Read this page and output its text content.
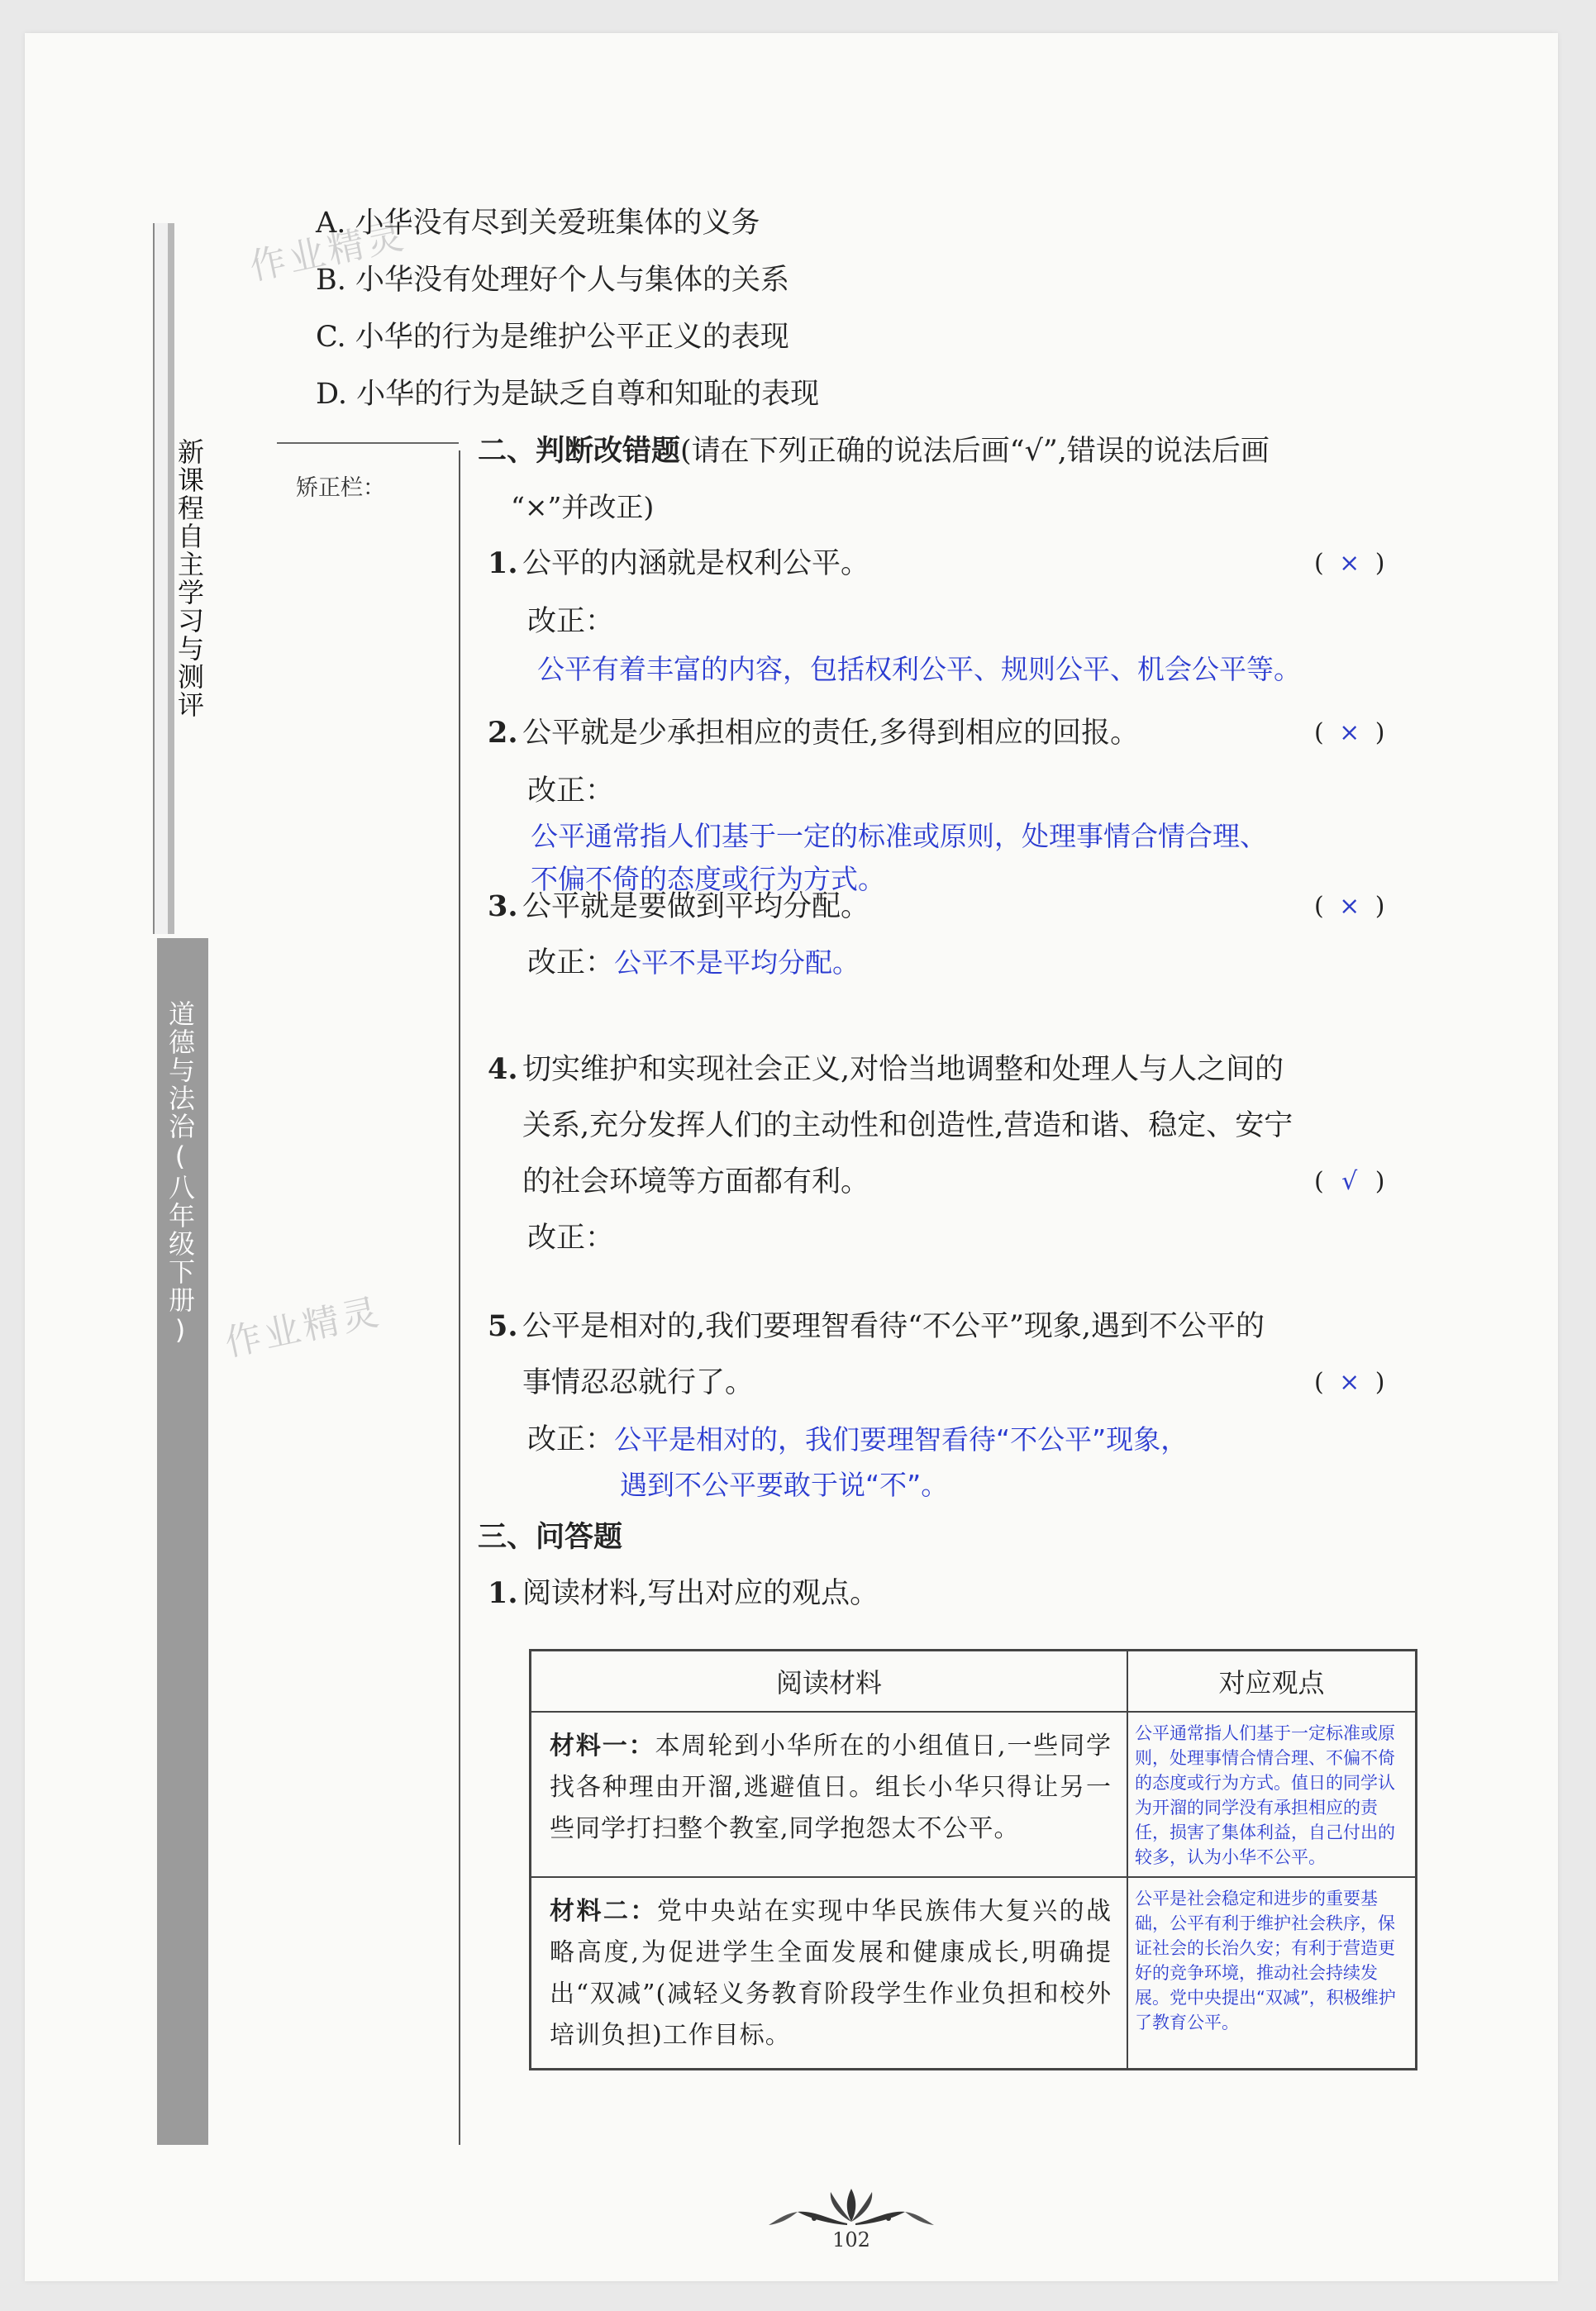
新课程自主学习与测评
道德与法治(八年级下册)
矫正栏：
作业精灵
作业精灵
A. 小华没有尽到关爱班集体的义务
B. 小华没有处理好个人与集体的关系
C. 小华的行为是维护公平正义的表现
D. 小华的行为是缺乏自尊和知耻的表现
二、判断改错题(请在下列正确的说法后画“√”,错误的说法后画
“×”并改正)
1. 公平的内涵就是权利公平。	( × )
改正：
公平有着丰富的内容，包括权利公平、规则公平、机会公平等。
2. 公平就是少承担相应的责任,多得到相应的回报。	( × )
改正：
公平通常指人们基于一定的标准或原则，处理事情合情合理、
不偏不倚的态度或行为方式。
3. 公平就是要做到平均分配。	( × )
改正：公平不是平均分配。
4. 切实维护和实现社会正义,对恰当地调整和处理人与人之间的
关系,充分发挥人们的主动性和创造性,营造和谐、稳定、安宁
的社会环境等方面都有利。	( √ )
改正：
5. 公平是相对的,我们要理智看待“不公平”现象,遇到不公平的
事情忍忍就行了。	( × )
改正：公平是相对的，我们要理智看待“不公平”现象，
遇到不公平要敢于说“不”。
三、问答题
1. 阅读材料,写出对应的观点。
阅读材料	对应观点
材料一：本周轮到小华所在的小组值日,一些同学找各种理由开溜,逃避值日。组长小华只得让另一些同学打扫整个教室,同学抱怨太不公平。	公平通常指人们基于一定标准或原则，处理事情合情合理、不偏不倚的态度或行为方式。值日的同学认为开溜的同学没有承担相应的责任，损害了集体利益，自己付出的较多，认为小华不公平。
材料二：党中央站在实现中华民族伟大复兴的战略高度,为促进学生全面发展和健康成长,明确提出“双减”(减轻义务教育阶段学生作业负担和校外培训负担)工作目标。	公平是社会稳定和进步的重要基础，公平有利于维护社会秩序，保证社会的长治久安；有利于营造更好的竞争环境，推动社会持续发展。党中央提出“双减”，积极维护了教育公平。
102
